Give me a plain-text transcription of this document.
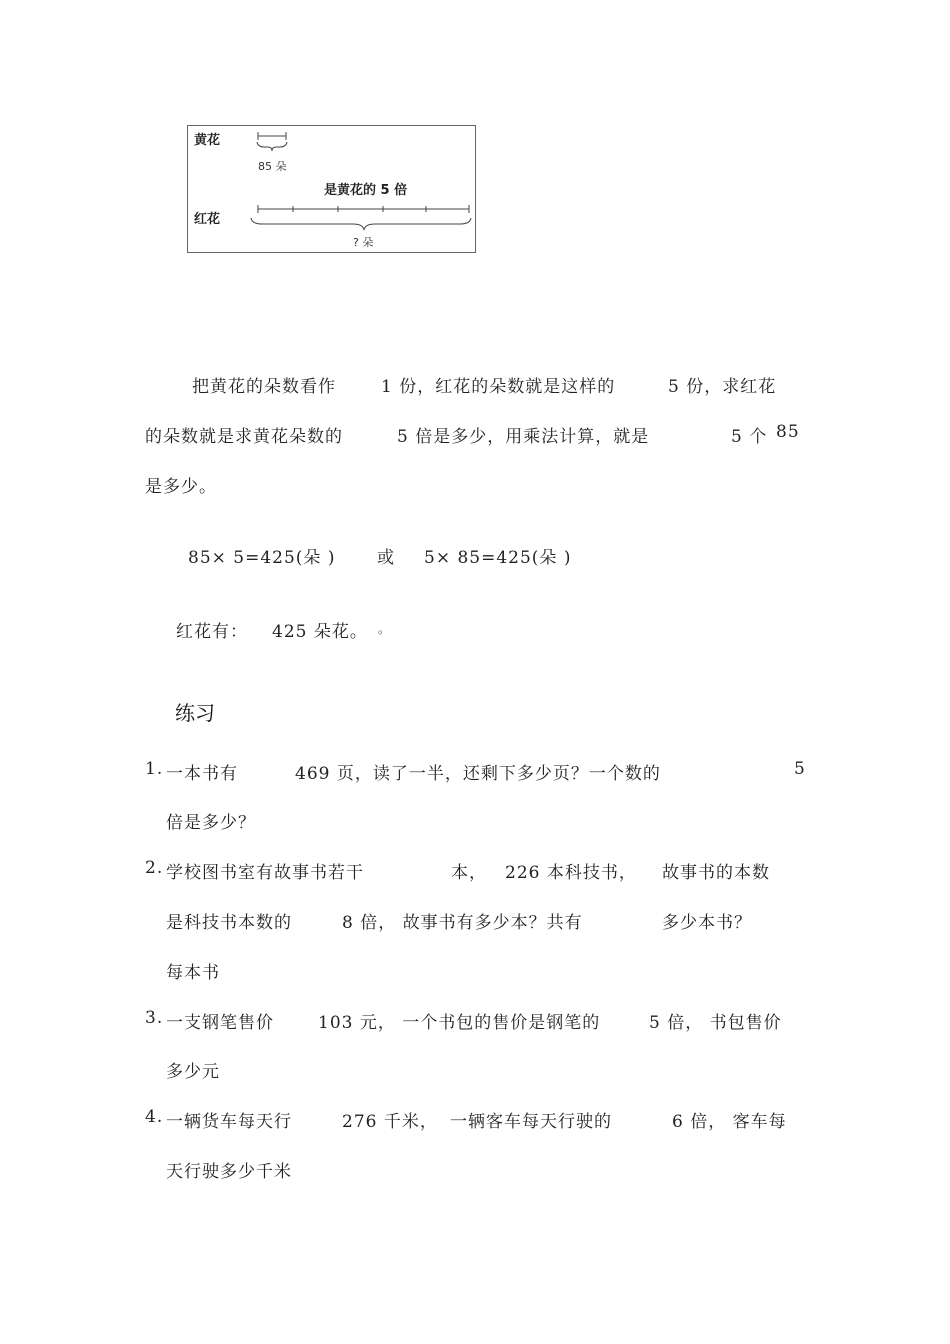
黄花
85 朵
是黄花的 5 倍
红花
? 朵
把黄花的朵数看作	1 份，红花的朵数就是这样的	5 份，求红花
的朵数就是求黄花朵数的	5 倍是多少，用乘法计算，就是	5 个 85
是多少。
85× 5=425(朵 ) 或 5× 85=425(朵 )
红花有： 425 朵花。 。
练习
1. 一本书有	469 页，读了一半，还剩下多少页？一个数的	5
倍是多少？
2. 学校图书室有故事书若干	本， 226 本科技书， 故事书的本数
是科技书本数的	8 倍， 故事书有多少本？共有	多少本书？
每本书
3. 一支钢笔售价	103 元， 一个书包的售价是钢笔的	5 倍， 书包售价
多少元
4. 一辆货车每天行	276 千米， 一辆客车每天行驶的	6 倍， 客车每
天行驶多少千米
